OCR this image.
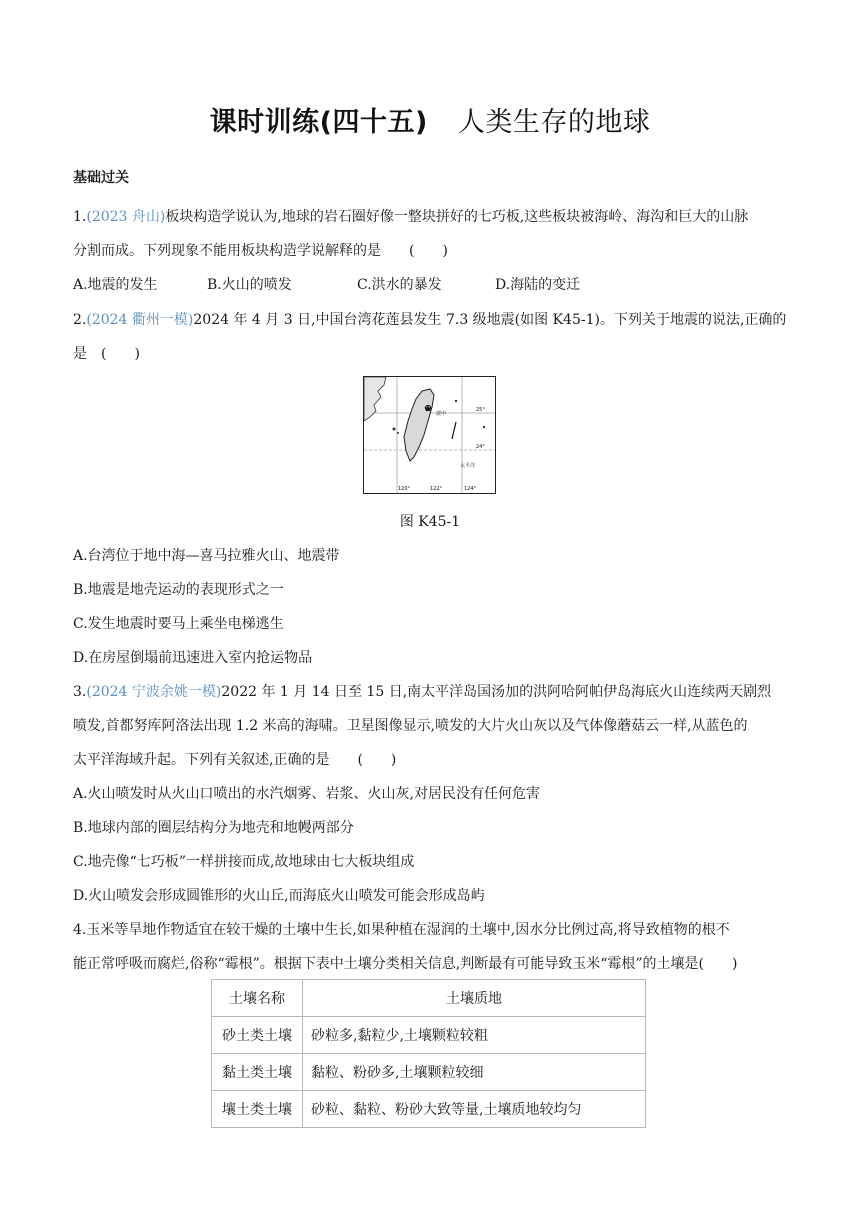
课时训练(四十五) 人类生存的地球
基础过关
1.(2023 舟山)板块构造学说认为,地球的岩石圈好像一整块拼好的七巧板,这些板块被海岭、海沟和巨大的山脉
分割而成。下列现象不能用板块构造学说解释的是　　(　　)
A.地震的发生	B.火山的喷发	C.洪水的暴发	D.海陆的变迁
2.(2024 衢州一模)2024 年 4 月 3 日,中国台湾花莲县发生 7.3 级地震(如图 K45-1)。下列关于地震的说法,正确的
是　(　　)
震中
25°
24°
太平洋
120°	122°	124°
图 K45-1
A.台湾位于地中海—喜马拉雅火山、地震带
B.地震是地壳运动的表现形式之一
C.发生地震时要马上乘坐电梯逃生
D.在房屋倒塌前迅速进入室内抢运物品
3.(2024 宁波余姚一模)2022 年 1 月 14 日至 15 日,南太平洋岛国汤加的洪阿哈阿帕伊岛海底火山连续两天剧烈
喷发,首都努库阿洛法出现 1.2 米高的海啸。卫星图像显示,喷发的大片火山灰以及气体像蘑菇云一样,从蓝色的
太平洋海域升起。下列有关叙述,正确的是　　(　　)
A.火山喷发时从火山口喷出的水汽烟雾、岩浆、火山灰,对居民没有任何危害
B.地球内部的圈层结构分为地壳和地幔两部分
C.地壳像“七巧板”一样拼接而成,故地球由七大板块组成
D.火山喷发会形成圆锥形的火山丘,而海底火山喷发可能会形成岛屿
4.玉米等旱地作物适宜在较干燥的土壤中生长,如果种植在湿润的土壤中,因水分比例过高,将导致植物的根不
能正常呼吸而腐烂,俗称“霉根”。根据下表中土壤分类相关信息,判断最有可能导致玉米“霉根”的土壤是(　　)
土壤名称	土壤质地
砂土类土壤	砂粒多,黏粒少,土壤颗粒较粗
黏土类土壤	黏粒、粉砂多,土壤颗粒较细
壤土类土壤	砂粒、黏粒、粉砂大致等量,土壤质地较均匀
